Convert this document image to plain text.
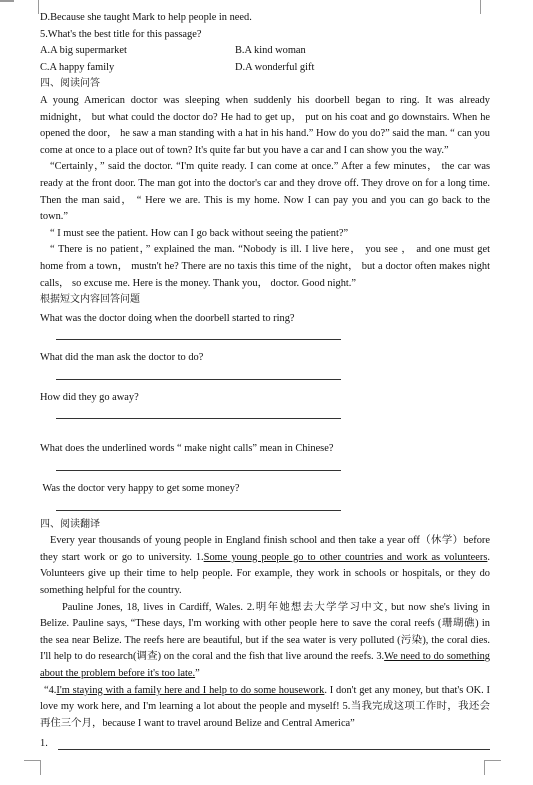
D.Because she taught Mark to help people in need.

5.What's the best title for this passage?

A.A big supermarket	B.A kind woman
C.A happy family	D.A wonderful gift

四、阅读问答

A young American doctor was sleeping when suddenly his doorbell began to ring. It was already midnight， but what could the doctor do? He had to get up， put on his coat and go downstairs. When he opened the door， he saw a man standing with a hat in his hand.” How do you do?” said the man. “ can you come at once to a place out of town? It's quite far but you have a car and I can show you the way.”

“Certainly，” said the doctor. “I'm quite ready. I can come at once.” After a few minutes， the car was ready at the front door. The man got into the doctor's car and they drove off. They drove on for a long time. Then the man said， “ Here we are. This is my home. Now I can pay you and you can go back to the town.”

“ I must see the patient. How can I go back without seeing the patient?”

“ There is no patient，” explained the man. “Nobody is ill. I live here， you see ， and one must get home from a town， mustn't he? There are no taxis this time of the night， but a doctor often makes night calls， so excuse me. Here is the money. Thank you， doctor. Good night.”

根据短文内容回答问题

What was the doctor doing when the doorbell started to ring?

What did the man ask the doctor to do?

How did they go away?

What does the underlined words “ make night calls” mean in Chinese?

Was the doctor very happy to get some money?

四、阅读翻译

Every year thousands of young people in England finish school and then take a year off（休学）before they start work or go to university. 1.Some young people go to other countries and work as volunteers. Volunteers give up their time to help people. For example, they work in schools or hospitals, or they do something helpful for the country.

Pauline Jones, 18, lives in Cardiff, Wales. 2.明年她想去大学学习中文, but now she's living in Belize. Pauline says, “These days, I'm working with other people here to save the coral reefs (珊瑚礁) in the sea near Belize. The reefs here are beautiful, but if the sea water is very polluted (污染), the coral dies. I'll help to do research(调查) on the coral and the fish that live around the reefs. 3.We need to do something about the problem before it's too late.”

“4.I'm staying with a family here and I help to do some housework. I don't get any money, but that's OK. I love my work here, and I'm learning a lot about the people and myself! 5.当我完成这项工作时，我还会再住三个月，because I want to travel around Belize and Central America”

1.
